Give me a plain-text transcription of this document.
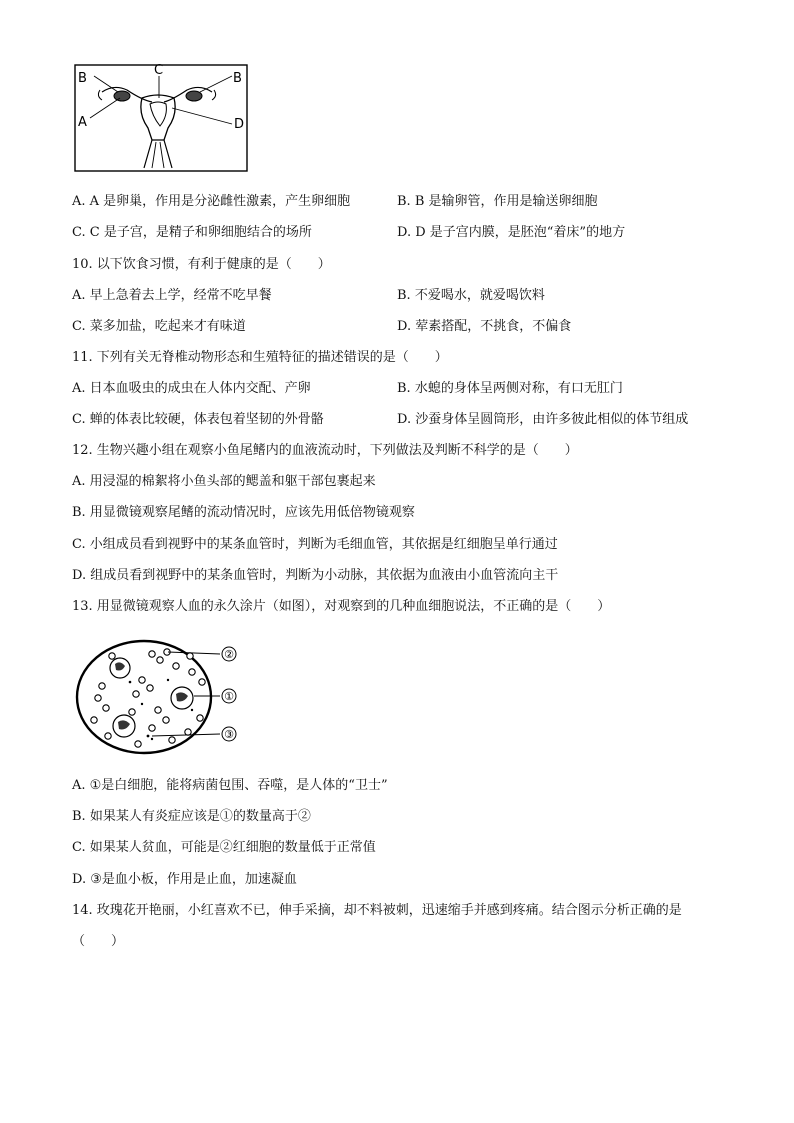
B
C
B
A	D
A. A 是卵巢，作用是分泌雌性激素，产生卵细胞	B. B 是输卵管，作用是输送卵细胞
C. C 是子宫，是精子和卵细胞结合的场所	D. D 是子宫内膜，是胚泡“着床”的地方
10. 以下饮食习惯，有利于健康的是（　　）
A. 早上急着去上学，经常不吃早餐	B. 不爱喝水，就爱喝饮料
C. 菜多加盐，吃起来才有味道	D. 荤素搭配，不挑食，不偏食
11. 下列有关无脊椎动物形态和生殖特征的描述错误的是（　　）
A. 日本血吸虫的成虫在人体内交配、产卵	B. 水螅的身体呈两侧对称，有口无肛门
C. 蝉的体表比较硬，体表包着坚韧的外骨骼	D. 沙蚕身体呈圆筒形，由许多彼此相似的体节组成
12. 生物兴趣小组在观察小鱼尾鳍内的血液流动时，下列做法及判断不科学的是（　　）
A. 用浸湿的棉絮将小鱼头部的鳃盖和躯干部包裹起来
B. 用显微镜观察尾鳍的流动情况时，应该先用低倍物镜观察
C. 小组成员看到视野中的某条血管时，判断为毛细血管，其依据是红细胞呈单行通过
D. 组成员看到视野中的某条血管时，判断为小动脉，其依据为血液由小血管流向主干
13. 用显微镜观察人血的永久涂片（如图），对观察到的几种血细胞说法，不正确的是（　　）
②
①
③
A. ①是白细胞，能将病菌包围、吞噬，是人体的“卫士”
B. 如果某人有炎症应该是①的数量高于②
C. 如果某人贫血，可能是②红细胞的数量低于正常值
D. ③是血小板，作用是止血，加速凝血
14. 玫瑰花开艳丽，小红喜欢不已，伸手采摘，却不料被刺，迅速缩手并感到疼痛。结合图示分析正确的是
（　　）
